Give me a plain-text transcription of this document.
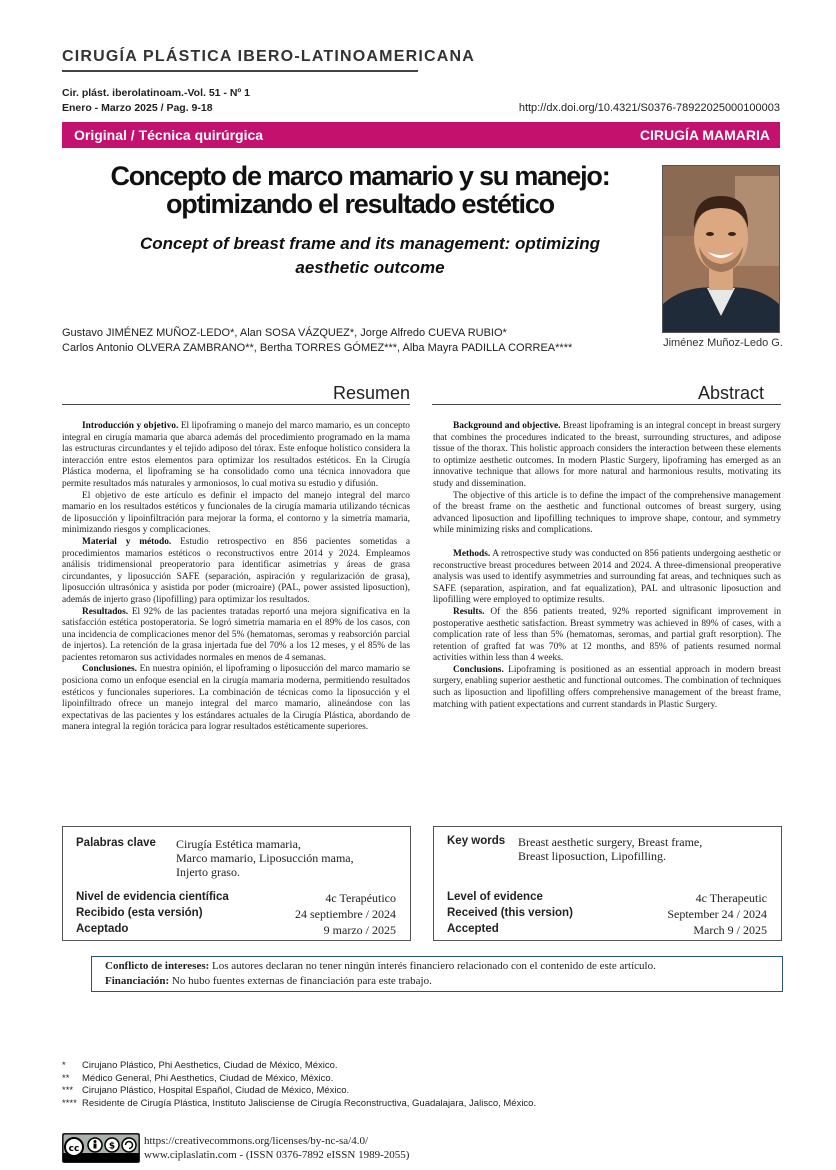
CIRUGÍA PLÁSTICA IBERO-LATINOAMERICANA
Cir. plást. iberolatinoam.-Vol. 51 - Nº 1
Enero - Marzo 2025 / Pag. 9-18	http://dx.doi.org/10.4321/S0376-78922025000100003
Original / Técnica quirúrgica	CIRUGÍA MAMARIA
Concepto de marco mamario y su manejo: optimizando el resultado estético
Concept of breast frame and its management: optimizing aesthetic outcome
Jiménez Muñoz-Ledo G.
Gustavo JIMÉNEZ MUÑOZ-LEDO*, Alan SOSA VÁZQUEZ*, Jorge Alfredo CUEVA RUBIO*
Carlos Antonio OLVERA ZAMBRANO**, Bertha TORRES GÓMEZ***, Alba Mayra PADILLA CORREA****
Resumen	Abstract

Introducción y objetivo. El lipoframing o manejo del marco mamario, es un concepto integral en cirugía mamaria que abarca además del procedimiento programado en la mama las estructuras circundantes y el tejido adiposo del tórax. Este enfoque holístico considera la interacción entre estos elementos para optimizar los resultados estéticos. En la Cirugía Plástica moderna, el lipoframing se ha consolidado como una técnica innovadora que permite resultados más naturales y armoniosos, lo cual motiva su estudio y difusión.

El objetivo de este artículo es definir el impacto del manejo integral del marco mamario en los resultados estéticos y funcionales de la cirugía mamaria utilizando técnicas de liposucción y lipoinfiltración para mejorar la forma, el contorno y la simetría mamaria, minimizando riesgos y complicaciones.

Material y método. Estudio retrospectivo en 856 pacientes sometidas a procedimientos mamarios estéticos o reconstructivos entre 2014 y 2024. Empleamos análisis tridimensional preoperatorio para identificar asimetrías y áreas de grasa circundantes, y liposucción SAFE (separación, aspiración y regularización de grasa), liposucción ultrasónica y asistida por poder (microaire) (PAL, power assisted liposuction), además de injerto graso (lipofilling) para optimizar los resultados.

Resultados. El 92% de las pacientes tratadas reportó una mejora significativa en la satisfacción estética postoperatoria. Se logró simetría mamaria en el 89% de los casos, con una incidencia de complicaciones menor del 5% (hematomas, seromas y reabsorción parcial de injertos). La retención de la grasa injertada fue del 70% a los 12 meses, y el 85% de las pacientes retomaron sus actividades normales en menos de 4 semanas.

Conclusiones. En nuestra opinión, el lipoframing o liposucción del marco mamario se posiciona como un enfoque esencial en la cirugía mamaria moderna, permitiendo resultados estéticos y funcionales superiores. La combinación de técnicas como la liposucción y el lipoinfiltrado ofrece un manejo integral del marco mamario, alineándose con las expectativas de las pacientes y los estándares actuales de la Cirugía Plástica, abordando de manera integral la región torácica para lograr resultados estéticamente superiores.

Background and objective. Breast lipoframing is an integral concept in breast surgery that combines the procedures indicated to the breast, surrounding structures, and adipose tissue of the thorax. This holistic approach considers the interaction between these elements to optimize aesthetic outcomes. In modern Plastic Surgery, lipoframing has emerged as an innovative technique that allows for more natural and harmonious results, motivating its study and dissemination.

The objective of this article is to define the impact of the comprehensive management of the breast frame on the aesthetic and functional outcomes of breast surgery, using advanced liposuction and lipofilling techniques to improve shape, contour, and symmetry while minimizing risks and complications.

Methods. A retrospective study was conducted on 856 patients undergoing aesthetic or reconstructive breast procedures between 2014 and 2024. A three-dimensional preoperative analysis was used to identify asymmetries and surrounding fat areas, and techniques such as SAFE (separation, aspiration, and fat equalization), PAL and ultrasonic liposuction and lipofilling were employed to optimize results.

Results. Of the 856 patients treated, 92% reported significant improvement in postoperative aesthetic satisfaction. Breast symmetry was achieved in 89% of cases, with a complication rate of less than 5% (hematomas, seromas, and partial graft resorption). The retention of grafted fat was 70% at 12 months, and 85% of patients resumed normal activities within less than 4 weeks.

Conclusions. Lipoframing is positioned as an essential approach in modern breast surgery, enabling superior aesthetic and functional outcomes. The combination of techniques such as liposuction and lipofilling offers comprehensive management of the breast frame, matching with patient expectations and current standards in Plastic Surgery.

Palabras clave Cirugía Estética mamaria,
Marco mamario, Liposucción mama,
Injerto graso.
Nivel de evidencia científica	4c Terapéutico
Recibido (esta versión)	24 septiembre / 2024
Aceptado	9 marzo / 2025
Key words Breast aesthetic surgery, Breast frame,
Breast liposuction, Lipofilling.
Level of evidence	4c Therapeutic
Received (this version)	September 24 / 2024
Accepted	March 9 / 2025
Conflicto de intereses: Los autores declaran no tener ningún interés financiero relacionado con el contenido de este artículo.
Financiación: No hubo fuentes externas de financiación para este trabajo.
* Cirujano Plástico, Phi Aesthetics, Ciudad de México, México.
** Médico General, Phi Aesthetics, Ciudad de México, México.
*** Cirujano Plástico, Hospital Español, Ciudad de México, México.
**** Residente de Cirugía Plástica, Instituto Jalisciense de Cirugía Reconstructiva, Guadalajara, Jalisco, México.
cc	$	https://creativecommons.org/licenses/by-nc-sa/4.0/
www.ciplaslatin.com - (ISSN 0376-7892 eISSN 1989-2055)
